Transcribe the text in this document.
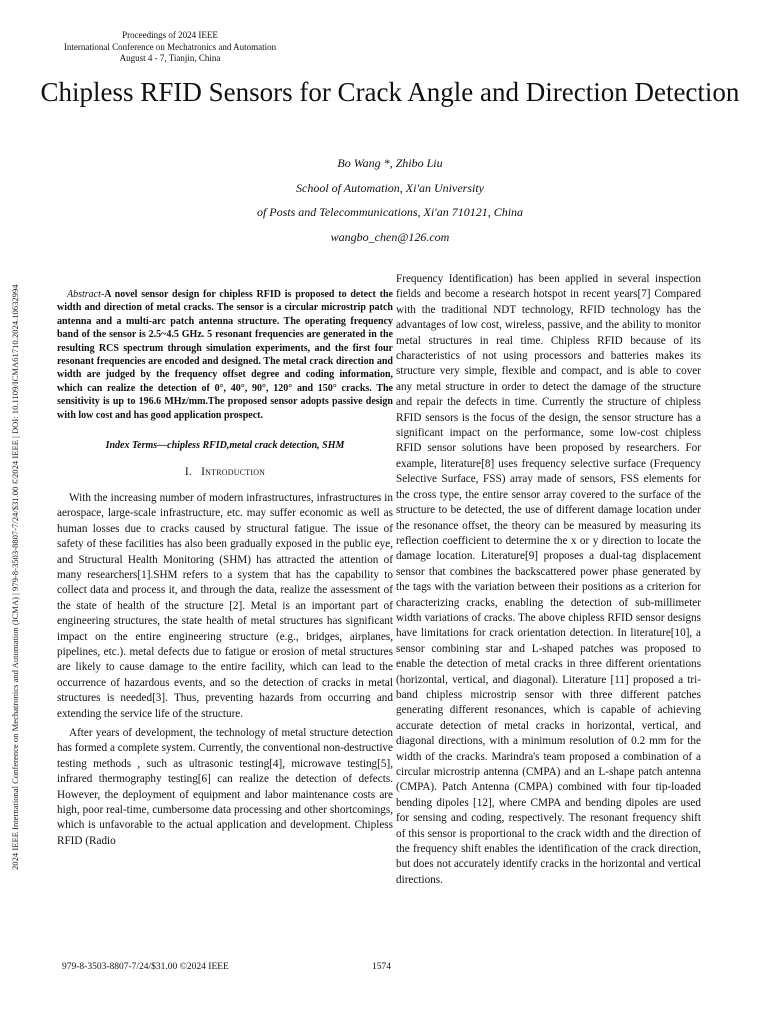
2024 IEEE International Conference on Mechatronics and Automation (ICMA) | 979-8-3503-8807-7/24/$31.00 ©2024 IEEE | DOI: 10.1109/ICMA61710.2024.10632994
Proceedings of 2024 IEEE
International Conference on Mechatronics and Automation
August 4 - 7, Tianjin, China
Chipless RFID Sensors for Crack Angle and Direction Detection
Bo Wang *, Zhibo Liu
School of Automation, Xi'an University
of Posts and Telecommunications, Xi'an 710121, China
wangbo_chen@126.com

Abstract-A novel sensor design for chipless RFID is proposed to detect the width and direction of metal cracks. The sensor is a circular microstrip patch antenna and a multi-arc patch antenna structure. The operating frequency band of the sensor is 2.5~4.5 GHz. 5 resonant frequencies are generated in the resulting RCS spectrum through simulation experiments, and the first four resonant frequencies are encoded and designed. The metal crack direction and width are judged by the frequency offset degree and coding information, which can realize the detection of 0°, 40°, 90°, 120° and 150° cracks. The sensitivity is up to 196.6 MHz/mm.The proposed sensor adopts passive design with low cost and has good application prospect.

Index Terms—chipless RFID,metal crack detection, SHM

I. Introduction

With the increasing number of modern infrastructures, infrastructures in aerospace, large-scale infrastructure, etc. may suffer economic as well as human losses due to cracks caused by structural fatigue. The issue of safety of these facilities has also been gradually exposed in the public eye, and Structural Health Monitoring (SHM) has attracted the attention of many researchers[1].SHM refers to a system that has the capability to collect data and process it, and through the data, realize the assessment of the state of health of the structure [2]. Metal is an important part of engineering structures, the state health of metal structures has significant impact on the entire engineering structure (e.g., bridges, airplanes, pipelines, etc.). metal defects due to fatigue or erosion of metal structures are likely to cause damage to the entire facility, which can lead to the occurrence of hazardous events, and so the detection of cracks in metal structures is needed[3]. Thus, preventing hazards from occurring and extending the service life of the structure.

After years of development, the technology of metal structure detection has formed a complete system. Currently, the conventional non-destructive testing methods , such as ultrasonic testing[4], microwave testing[5], infrared thermography testing[6] can realize the detection of defects. However, the deployment of equipment and labor maintenance costs are high, poor real-time, cumbersome data processing and other shortcomings, which is unfavorable to the actual application and development. Chipless RFID (Radio

Frequency Identification) has been applied in several inspection fields and become a research hotspot in recent years[7] Compared with the traditional NDT technology, RFID technology has the advantages of low cost, wireless, passive, and the ability to monitor metal structures in real time. Chipless RFID because of its characteristics of not using processors and batteries makes its structure very simple, flexible and compact, and is able to cover any metal structure in order to detect the damage of the structure and repair the defects in time. Currently the structure of chipless RFID sensors is the focus of the design, the sensor structure has a significant impact on the performance, some low-cost chipless RFID sensor solutions have been proposed by researchers. For example, literature[8] uses frequency selective surface (Frequency Selective Surface, FSS) array made of sensors, FSS elements for the cross type, the entire sensor array covered to the surface of the structure to be detected, the use of different damage location under the resonance offset, the theory can be measured by measuring its reflection coefficient to determine the x or y direction to locate the damage location. Literature[9] proposes a dual-tag displacement sensor that combines the backscattered power phase generated by the tags with the variation between their positions as a criterion for characterizing cracks, enabling the detection of sub-millimeter width variations of cracks. The above chipless RFID sensor designs have limitations for crack orientation detection. In literature[10], a sensor combining star and L-shaped patches was proposed to enable the detection of metal cracks in three different orientations (horizontal, vertical, and diagonal). Literature [11] proposed a tri-band chipless microstrip sensor with three different patches generating different resonances, which is capable of achieving accurate detection of metal cracks in horizontal, vertical, and diagonal directions, with a minimum resolution of 0.2 mm for the width of the cracks. Marindra's team proposed a combination of a circular microstrip antenna (CMPA) and an L-shape patch antenna (CMPA). Patch Antenna (CMPA) combined with four tip-loaded bending dipoles [12], where CMPA and bending dipoles are used for sensing and coding, respectively. The resonant frequency shift of this sensor is proportional to the crack width and the direction of the frequency shift enables the identification of the crack direction, but does not accurately identify cracks in the horizontal and vertical directions.

979-8-3503-8807-7/24/$31.00 ©2024 IEEE	1574
